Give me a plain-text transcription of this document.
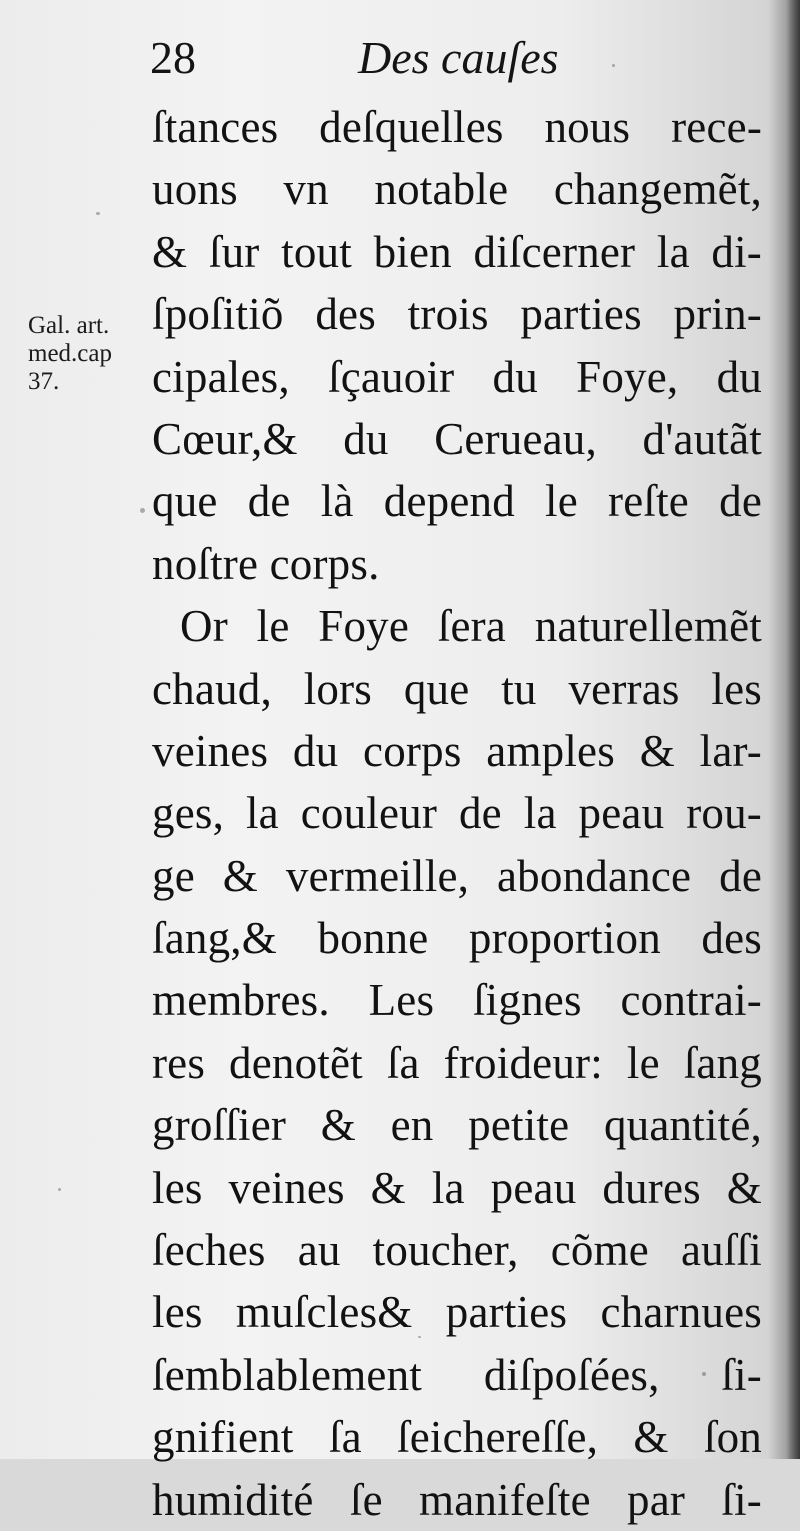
28	Des cauſes
Gal. art.
med.cap
37.
ſtances deſquelles nous rece-
uons vn notable changemẽt,
& ſur tout bien diſcerner la di-
ſpoſitiõ des trois parties prin-
cipales, ſçauoir du Foye, du
Cœur,& du Cerueau, d'autãt
que de là depend le reſte de
noſtre corps.
Or le Foye ſera naturellemẽt
chaud, lors que tu verras les
veines du corps amples & lar-
ges, la couleur de la peau rou-
ge & vermeille, abondance de
ſang,& bonne proportion des
membres. Les ſignes contrai-
res denotẽt ſa froideur: le ſang
groſſier & en petite quantité,
les veines & la peau dures &
ſeches au toucher, cõme auſſi
les muſcles& parties charnues
ſemblablement diſpoſées, ſi-
gnifient ſa ſeichereſſe, & ſon
humidité ſe manifeſte par ſi-
